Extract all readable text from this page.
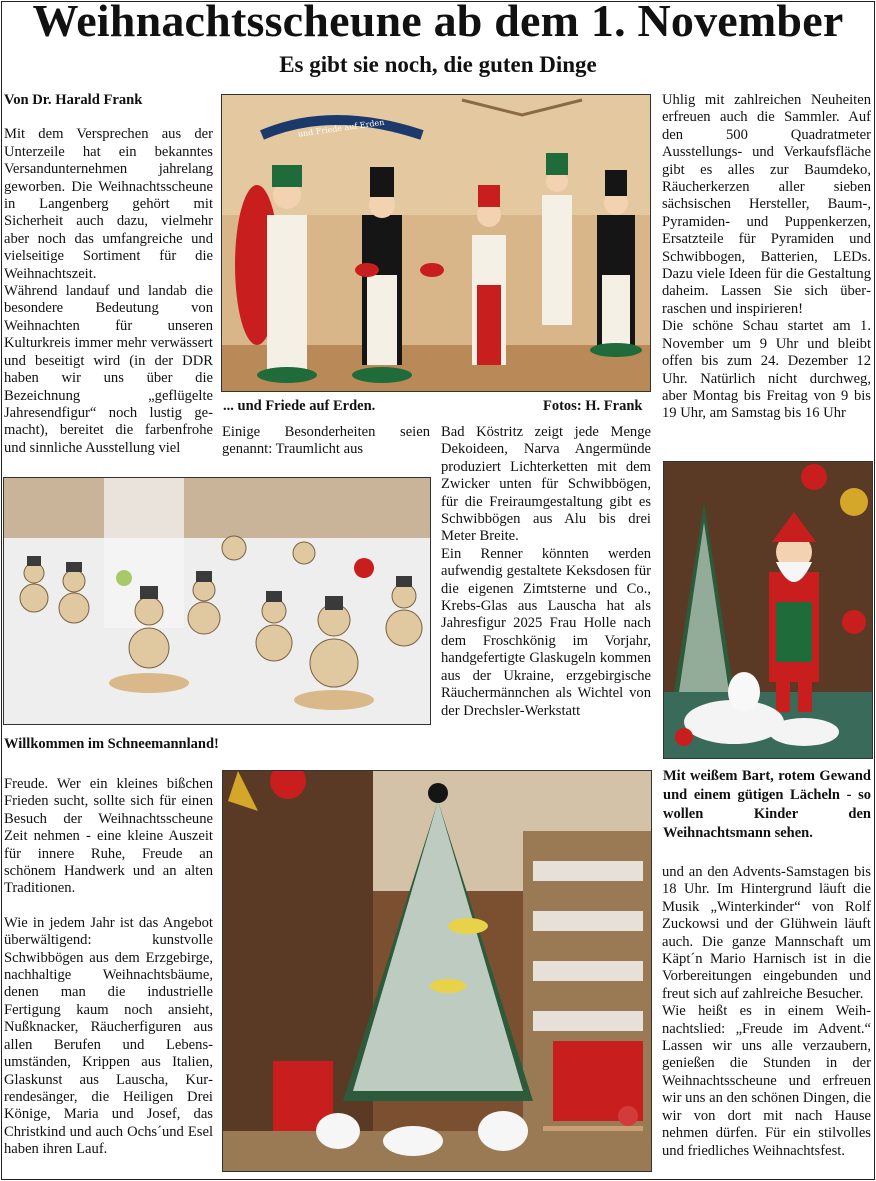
Weihnachtsscheune ab dem 1. November
Es gibt sie noch, die guten Dinge

Von Dr. Harald Frank

Mit dem Versprechen aus der Unterzeile hat ein bekanntes Versandunternehmen jahrelang geworben. Die Weihnachtsscheune in Langenberg gehört mit Sicherheit auch dazu, vielmehr aber noch das umfangreiche und vielseitige Sortiment für die Weihnachtszeit.

Während landauf und landab die besondere Bedeutung von Weihnachten für unseren Kulturkreis immer mehr verwässert und beseitigt wird (in der DDR haben wir uns über die Bezeichnung „geflügelte Jahresendfigur“ noch lustig gemacht), bereitet die farbenfrohe und sinnliche Ausstellung viel

und Friede auf Erden
... und Friede auf Erden.	Fotos: H. Frank

Einige Besonderheiten seien genannt: Traumlicht aus

Bad Köstritz zeigt jede Menge Dekoideen, Narva Angermünde produziert Lichterketten mit dem Zwicker unten für Schwibbögen, für die Freiraumgestaltung gibt es Schwibbögen aus Alu bis drei Meter Breite.

Ein Renner könnten werden aufwendig gestaltete Keksdosen für die eigenen Zimtsterne und Co., Krebs-Glas aus Lauscha hat als Jahresfigur 2025 Frau Holle nach dem Froschkönig im Vorjahr, handgefertigte Glaskugeln kommen aus der Ukraine, erzgebirgische Räuchermännchen als Wichtel von der Drechsler-Werkstatt

Uhlig mit zahlreichen Neuheiten erfreuen auch die Sammler. Auf den 500 Quadratmeter Ausstellungs- und Verkaufsfläche gibt es alles zur Baumdeko, Räucherkerzen aller sieben sächsischen Hersteller, Baum-, Pyramiden- und Puppenkerzen, Ersatzteile für Pyramiden und Schwibbogen, Batterien, LEDs. Dazu viele Ideen für die Gestaltung daheim. Lassen Sie sich überraschen und inspirieren!

Die schöne Schau startet am 1. November um 9 Uhr und bleibt offen bis zum 24. Dezember 12 Uhr. Natürlich nicht durchweg, aber Montag bis Freitag von 9 bis 19 Uhr, am Samstag bis 16 Uhr

Willkommen im Schneemannland!
Mit weißem Bart, rotem Gewand und einem gütigen Lächeln - so wollen Kinder den Weihnachtsmann sehen.

Freude. Wer ein kleines bißchen Frieden sucht, sollte sich für einen Besuch der Weihnachtsscheune Zeit nehmen - eine kleine Auszeit für innere Ruhe, Freude an schönem Handwerk und an alten Traditionen.

Wie in jedem Jahr ist das Angebot überwältigend: kunstvolle Schwibbögen aus dem Erzgebirge, nachhaltige Weihnachtsbäume, denen man die industrielle Fertigung kaum noch ansieht, Nußknacker, Räucherfiguren aus allen Berufen und Lebensumständen, Krippen aus Italien, Glaskunst aus Lauscha, Kurrendesänger, die Heiligen Drei Könige, Maria und Josef, das Christkind und auch Ochs´und Esel haben ihren Lauf.

und an den Advents-Samstagen bis 18 Uhr. Im Hintergrund läuft die Musik „Winterkinder“ von Rolf Zuckowsi und der Glühwein läuft auch. Die ganze Mannschaft um Käpt´n Mario Harnisch ist in die Vorbereitungen eingebunden und freut sich auf zahlreiche Besucher.

Wie heißt es in einem Weihnachtslied: „Freude im Advent.“ Lassen wir uns alle verzaubern, genießen die Stunden in der Weihnachtsscheune und erfreuen wir uns an den schönen Dingen, die wir von dort mit nach Hause nehmen dürfen. Für ein stilvolles und friedliches Weihnachtsfest.
